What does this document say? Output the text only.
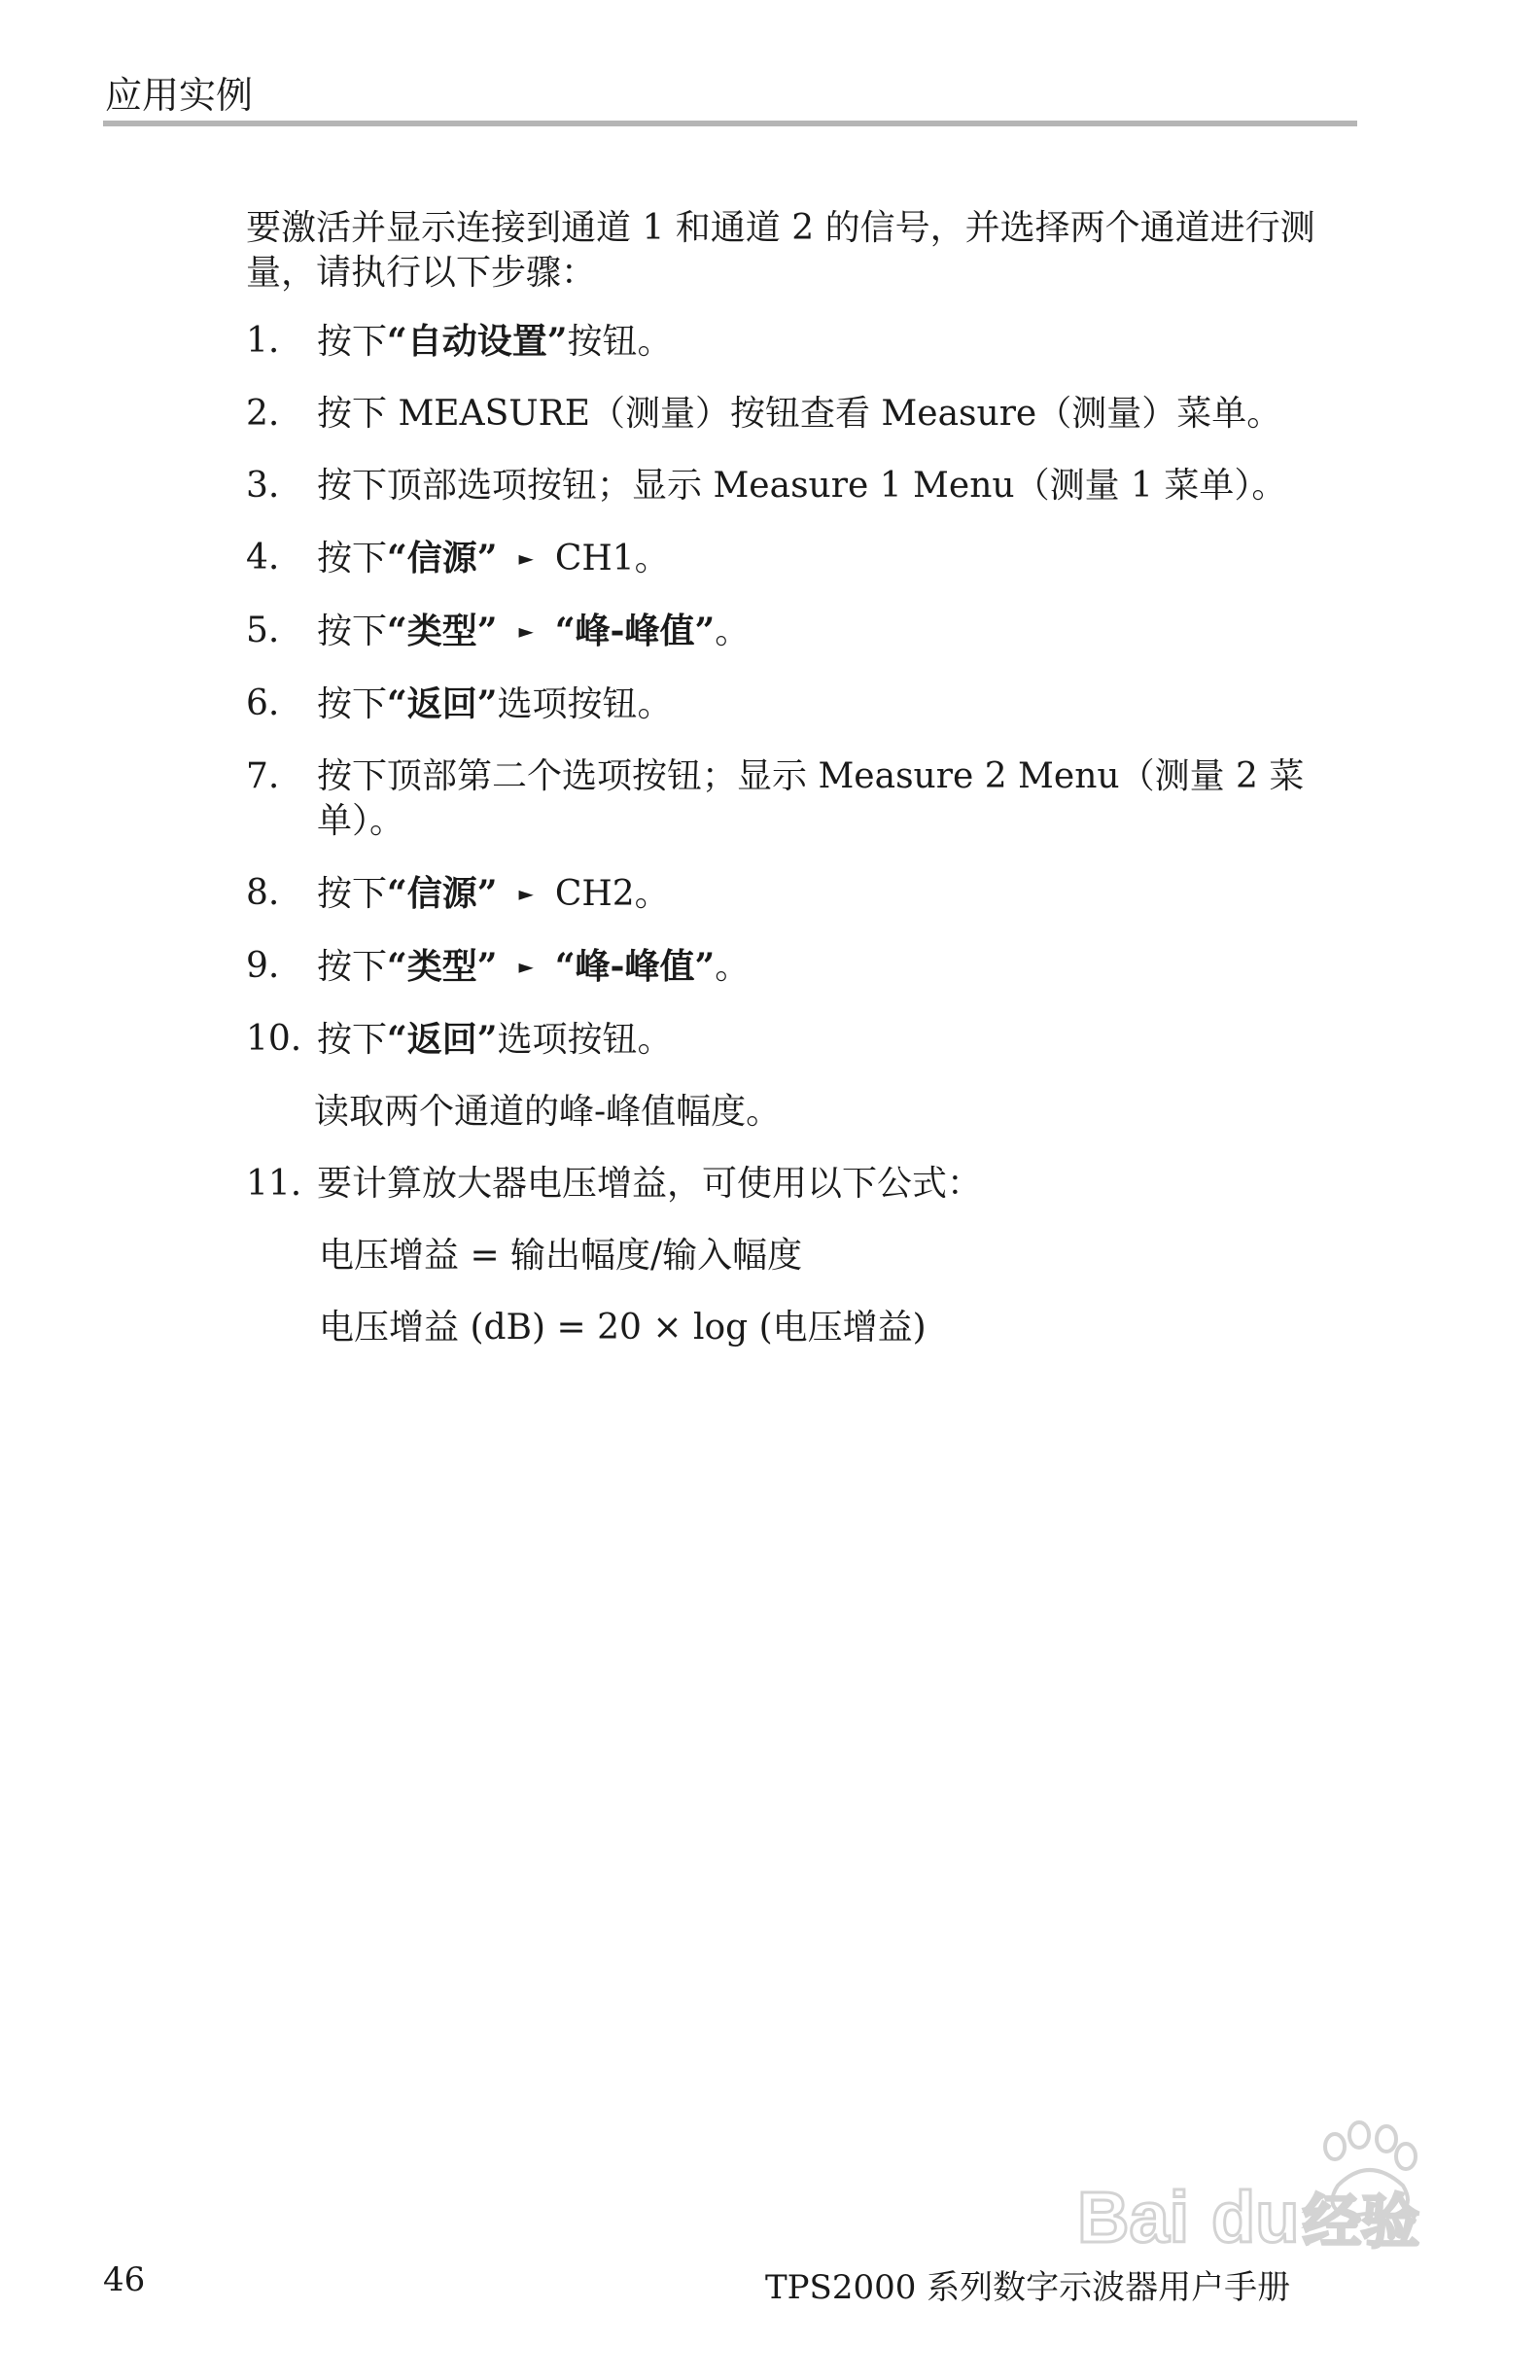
应用实例
要激活并显示连接到通道 1 和通道 2 的信号，并选择两个通道进行测量，请执行以下步骤：
1. 按下“自动设置”按钮。
2. 按下 MEASURE（测量）按钮查看 Measure（测量）菜单。
3. 按下顶部选项按钮；显示 Measure 1 Menu（测量 1 菜单）。
4. 按下“信源” ► CH1。
5. 按下“类型” ► “峰-峰值”。
6. 按下“返回”选项按钮。
7. 按下顶部第二个选项按钮；显示 Measure 2 Menu（测量 2 菜单）。
8. 按下“信源” ► CH2。
9. 按下“类型” ► “峰-峰值”。
10. 按下“返回”选项按钮。
读取两个通道的峰-峰值幅度。
11. 要计算放大器电压增益，可使用以下公式：
电压增益 = 输出幅度/输入幅度
电压增益 (dB) = 20 × log (电压增益)
46	TPS2000 系列数字示波器用户手册
Bai du 经验
